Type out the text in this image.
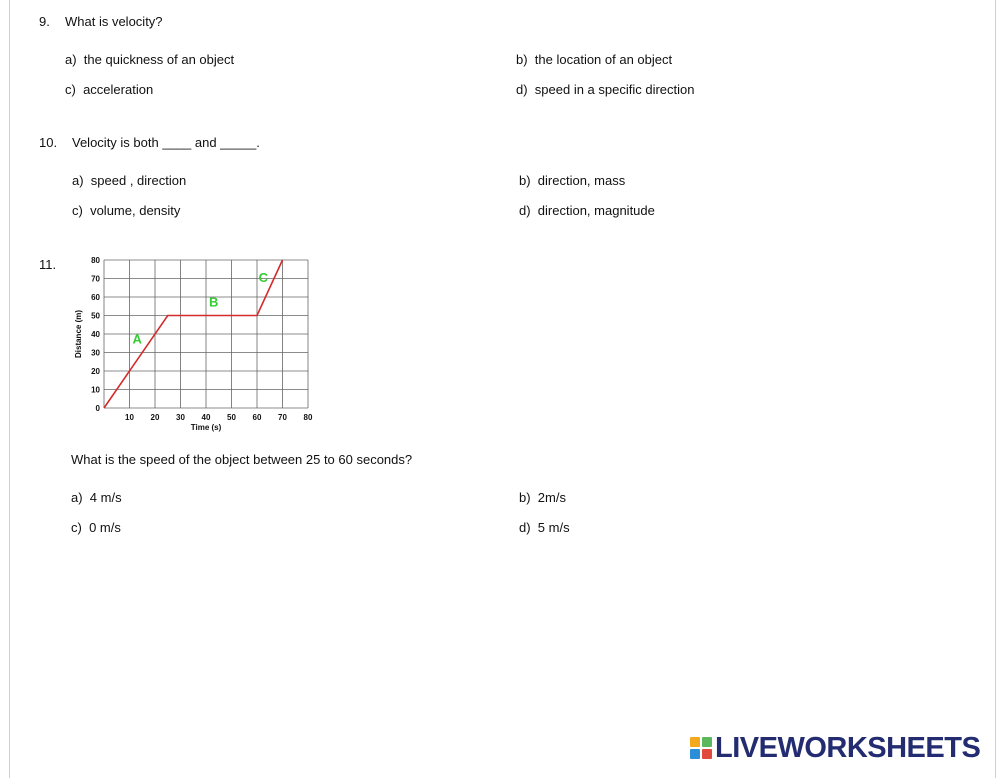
9. What is velocity?
a) the quickness of an object	b) the location of an object
c) acceleration	d) speed in a specific direction
10. Velocity is both ____ and _____.
a) speed , direction	b) direction, mass
c) volume, density	d) direction, magnitude
11.
0
10
20
30
40
50
60
70
80
10 20 30 40 50 60 70 80
Time (s)
Distance (m)	A
B
C
What is the speed of the object between 25 to 60 seconds?
a) 4 m/s	b) 2m/s
c) 0 m/s	d) 5 m/s
LIVEWORKSHEETS
